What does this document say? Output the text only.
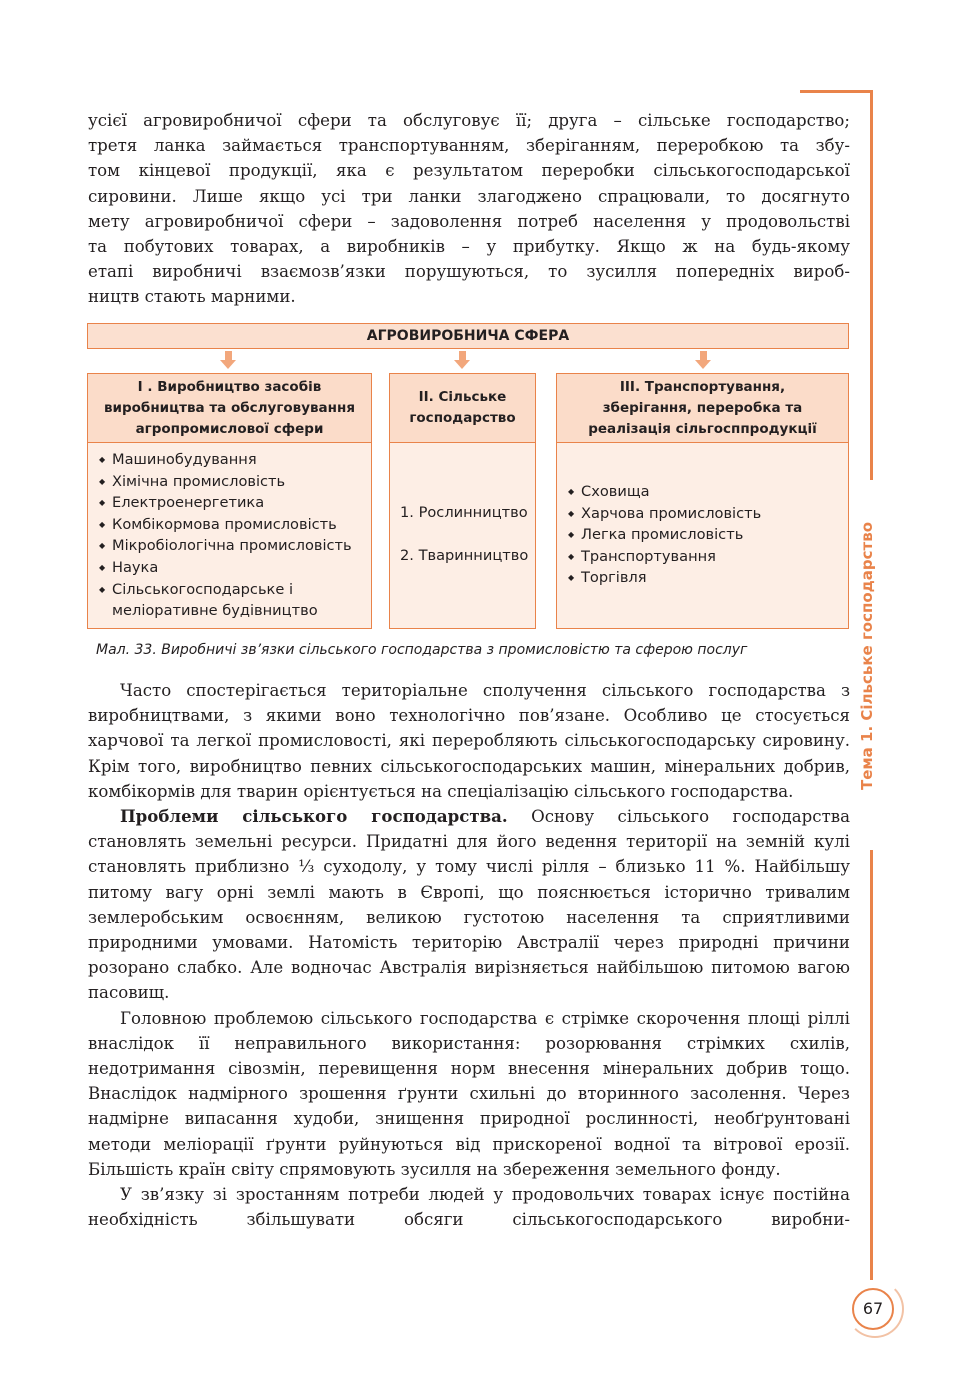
Тема 1. Сільське господарство

усієї агровиробничої сфери та обслуговує її; друга – сільське господарство;

третя ланка займається транспортуванням, зберіганням, переробкою та збу-

том кінцевої продукції, яка є результатом переробки сільськогосподарської

сировини. Лише якщо усі три ланки злагоджено спрацювали, то досягнуто

мету агровиробничої сфери – задоволення потреб населення у продовольстві

та побутових товарах, а виробників – у прибутку. Якщо ж на будь-якому

етапі виробничі взаємозв’язки порушуються, то зусилля попередніх вироб-

ництв стають марними.

АГРОВИРОБНИЧА СФЕРА
І . Виробництво засобів
виробництва та обслуговування
агропромислової сфери
◆ Машинобудування
◆ Хімічна промисловість
◆ Електроенергетика
◆ Комбікормова промисловість
◆ Мікробіологічна промисловість
◆ Наука
◆ Сільськогосподарське і меліоративне будівництво
ІІ. Сільське
господарство
1. Рослинництво
2. Тваринництво
ІІІ. Транспортування,
зберігання, переробка та
реалізація сільгосппродукції
◆ Сховища
◆ Харчова промисловість
◆ Легка промисловість
◆ Транспортування
◆ Торгівля
Мал. 33. Виробничі зв’язки сільського господарства з промисловістю та сферою послуг

Часто спостерігається територіальне сполучення сільського господарства з виробництвами, з якими воно технологічно пов’язане. Особливо це стосується харчової та легкої промисловості, які переробляють сільськогосподарську сировину. Крім того, виробництво певних сільськогосподарських машин, мінеральних добрив, комбікормів для тварин орієнтується на спеціалізацію сільського господарства.

Проблеми сільського господарства. Основу сільського господарства становлять земельні ресурси. Придатні для його ведення території на земній кулі становлять приблизно ⅓ суходолу, у тому числі рілля – близько 11 %. Найбільшу питому вагу орні землі мають в Європі, що пояснюється історично тривалим землеробським освоєнням, великою густотою населення та сприятливими природними умовами. Натомість територію Австралії через природні причини розорано слабко. Але водночас Австралія вирізняється найбільшою питомою вагою пасовищ.

Головною проблемою сільського господарства є стрімке скорочення площі ріллі внаслідок її неправильного використання: розорювання стрімких схилів, недотримання сівозмін, перевищення норм внесення мінеральних добрив тощо. Внаслідок надмірного зрошення ґрунти схильні до вторинного засолення. Через надмірне випасання худоби, знищення природної рослинності, необґрунтовані методи меліорації ґрунти руйнуються від прискореної водної та вітрової ерозії. Більшість країн світу спрямовують зусилля на збереження земельного фонду.

У зв’язку зі зростанням потреби людей у продовольчих товарах існує постійна необхідність збільшувати обсяги сільськогосподарського виробни-

67
